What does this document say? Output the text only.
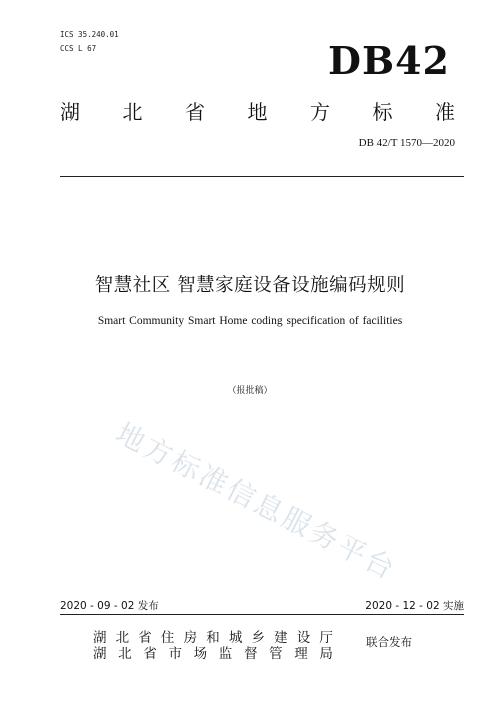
ICS 35.240.01
CCS L 67	DB42
湖 北 省 地 方 标 准
DB 42/T 1570—2020
智慧社区 智慧家庭设备设施编码规则
Smart Community Smart Home coding specification of facilities
（报批稿）
地方标准信息服务平台
2020 - 09 - 02 发布	2020 - 12 - 02 实施
湖 北 省 住 房 和 城 乡 建 设 厅
湖 北 省 市 场 监 督 管 理 局
联合发布
